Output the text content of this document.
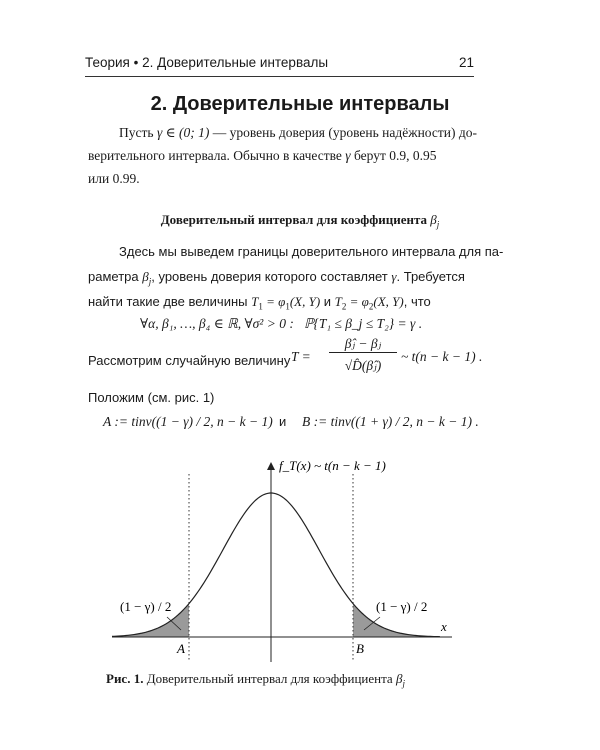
Теория • 2. Доверительные интервалы	21
2. Доверительные интервалы
Пусть γ ∈ (0; 1) — уровень доверия (уровень надёжности) до-
верительного интервала. Обычно в качестве γ берут 0.9, 0.95
или 0.99.
Доверительный интервал для коэффициента $\beta_j$
Здесь мы выведем границы доверительного интервала для па-
раметра $\beta_j$, уровень доверия которого составляет γ. Требуется
найти такие две величины $T_1 = \varphi_1(X$, Y) и $T_2 = \varphi_2(X$, Y), что
∀α, β₁, …, β₄ ∈ ℝ, ∀σ² > 0 : ℙ{T₁ ≤ β_j ≤ T₂} = γ .
Рассмотрим случайную величину T =
β̂ⱼ − βⱼ
√D̂(β̂ⱼ)
~ t(n − k − 1) .
Положим (см. рис. 1)
A := tinv((1 − γ) / 2, n − k − 1) и B := tinv((1 + γ) / 2, n − k − 1) .
f_T(x) ~ t(n − k − 1)
x
(1 − γ) / 2	(1 − γ) / 2
A	B
Рис. 1. Доверительный интервал для коэффициента $\beta_j$
